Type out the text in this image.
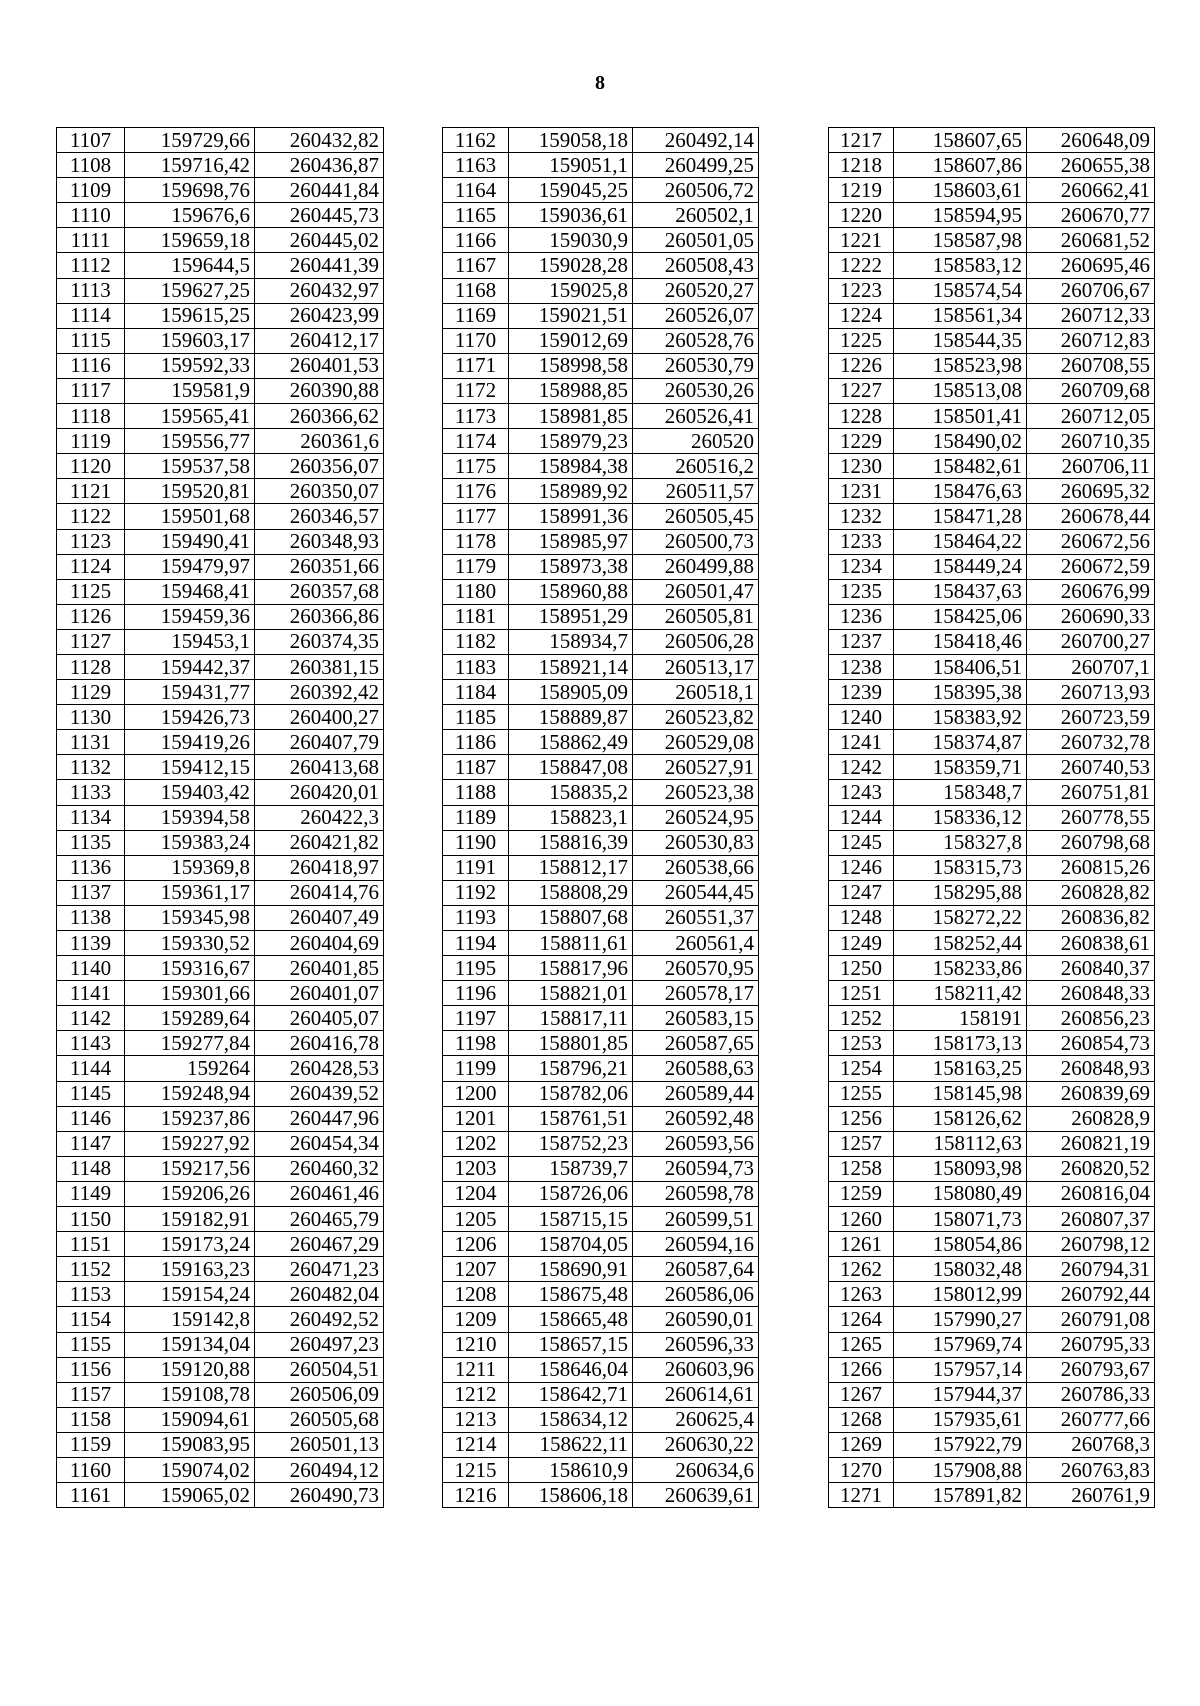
8
1107	159729,66	260432,82
1108	159716,42	260436,87
1109	159698,76	260441,84
1110	159676,6	260445,73
1111	159659,18	260445,02
1112	159644,5	260441,39
1113	159627,25	260432,97
1114	159615,25	260423,99
1115	159603,17	260412,17
1116	159592,33	260401,53
1117	159581,9	260390,88
1118	159565,41	260366,62
1119	159556,77	260361,6
1120	159537,58	260356,07
1121	159520,81	260350,07
1122	159501,68	260346,57
1123	159490,41	260348,93
1124	159479,97	260351,66
1125	159468,41	260357,68
1126	159459,36	260366,86
1127	159453,1	260374,35
1128	159442,37	260381,15
1129	159431,77	260392,42
1130	159426,73	260400,27
1131	159419,26	260407,79
1132	159412,15	260413,68
1133	159403,42	260420,01
1134	159394,58	260422,3
1135	159383,24	260421,82
1136	159369,8	260418,97
1137	159361,17	260414,76
1138	159345,98	260407,49
1139	159330,52	260404,69
1140	159316,67	260401,85
1141	159301,66	260401,07
1142	159289,64	260405,07
1143	159277,84	260416,78
1144	159264	260428,53
1145	159248,94	260439,52
1146	159237,86	260447,96
1147	159227,92	260454,34
1148	159217,56	260460,32
1149	159206,26	260461,46
1150	159182,91	260465,79
1151	159173,24	260467,29
1152	159163,23	260471,23
1153	159154,24	260482,04
1154	159142,8	260492,52
1155	159134,04	260497,23
1156	159120,88	260504,51
1157	159108,78	260506,09
1158	159094,61	260505,68
1159	159083,95	260501,13
1160	159074,02	260494,12
1161	159065,02	260490,73
1162	159058,18	260492,14
1163	159051,1	260499,25
1164	159045,25	260506,72
1165	159036,61	260502,1
1166	159030,9	260501,05
1167	159028,28	260508,43
1168	159025,8	260520,27
1169	159021,51	260526,07
1170	159012,69	260528,76
1171	158998,58	260530,79
1172	158988,85	260530,26
1173	158981,85	260526,41
1174	158979,23	260520
1175	158984,38	260516,2
1176	158989,92	260511,57
1177	158991,36	260505,45
1178	158985,97	260500,73
1179	158973,38	260499,88
1180	158960,88	260501,47
1181	158951,29	260505,81
1182	158934,7	260506,28
1183	158921,14	260513,17
1184	158905,09	260518,1
1185	158889,87	260523,82
1186	158862,49	260529,08
1187	158847,08	260527,91
1188	158835,2	260523,38
1189	158823,1	260524,95
1190	158816,39	260530,83
1191	158812,17	260538,66
1192	158808,29	260544,45
1193	158807,68	260551,37
1194	158811,61	260561,4
1195	158817,96	260570,95
1196	158821,01	260578,17
1197	158817,11	260583,15
1198	158801,85	260587,65
1199	158796,21	260588,63
1200	158782,06	260589,44
1201	158761,51	260592,48
1202	158752,23	260593,56
1203	158739,7	260594,73
1204	158726,06	260598,78
1205	158715,15	260599,51
1206	158704,05	260594,16
1207	158690,91	260587,64
1208	158675,48	260586,06
1209	158665,48	260590,01
1210	158657,15	260596,33
1211	158646,04	260603,96
1212	158642,71	260614,61
1213	158634,12	260625,4
1214	158622,11	260630,22
1215	158610,9	260634,6
1216	158606,18	260639,61
1217	158607,65	260648,09
1218	158607,86	260655,38
1219	158603,61	260662,41
1220	158594,95	260670,77
1221	158587,98	260681,52
1222	158583,12	260695,46
1223	158574,54	260706,67
1224	158561,34	260712,33
1225	158544,35	260712,83
1226	158523,98	260708,55
1227	158513,08	260709,68
1228	158501,41	260712,05
1229	158490,02	260710,35
1230	158482,61	260706,11
1231	158476,63	260695,32
1232	158471,28	260678,44
1233	158464,22	260672,56
1234	158449,24	260672,59
1235	158437,63	260676,99
1236	158425,06	260690,33
1237	158418,46	260700,27
1238	158406,51	260707,1
1239	158395,38	260713,93
1240	158383,92	260723,59
1241	158374,87	260732,78
1242	158359,71	260740,53
1243	158348,7	260751,81
1244	158336,12	260778,55
1245	158327,8	260798,68
1246	158315,73	260815,26
1247	158295,88	260828,82
1248	158272,22	260836,82
1249	158252,44	260838,61
1250	158233,86	260840,37
1251	158211,42	260848,33
1252	158191	260856,23
1253	158173,13	260854,73
1254	158163,25	260848,93
1255	158145,98	260839,69
1256	158126,62	260828,9
1257	158112,63	260821,19
1258	158093,98	260820,52
1259	158080,49	260816,04
1260	158071,73	260807,37
1261	158054,86	260798,12
1262	158032,48	260794,31
1263	158012,99	260792,44
1264	157990,27	260791,08
1265	157969,74	260795,33
1266	157957,14	260793,67
1267	157944,37	260786,33
1268	157935,61	260777,66
1269	157922,79	260768,3
1270	157908,88	260763,83
1271	157891,82	260761,9
